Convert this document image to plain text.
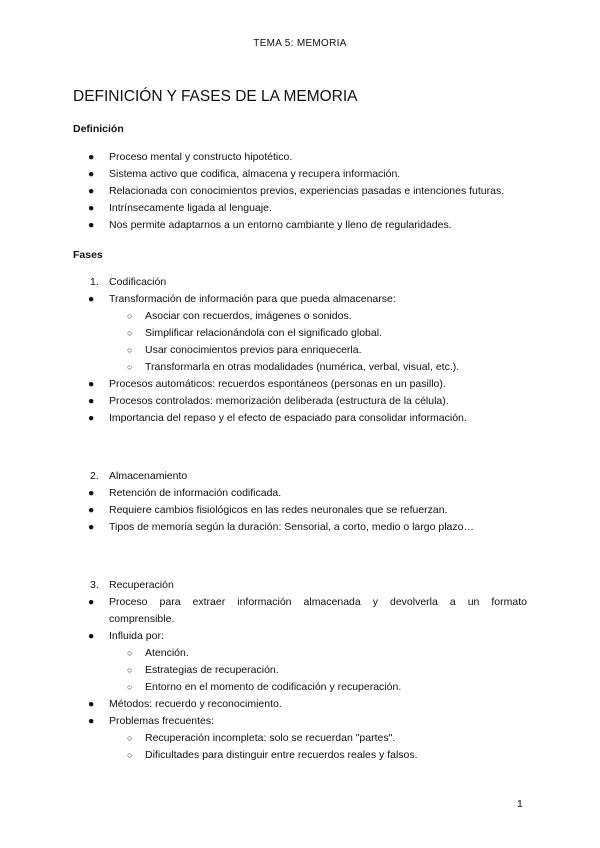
TEMA 5: MEMORIA
DEFINICIÓN Y FASES DE LA MEMORIA
Definición
● Proceso mental y constructo hipotético.
● Sistema activo que codifica, almacena y recupera información.
● Relacionada con conocimientos previos, experiencias pasadas e intenciones futuras.
● Intrínsecamente ligada al lenguaje.
● Nos permite adaptarnos a un entorno cambiante y lleno de regularidades.
Fases
1. Codificación
● Transformación de información para que pueda almacenarse:
○ Asociar con recuerdos, imágenes o sonidos.
○ Simplificar relacionándola con el significado global.
○ Usar conocimientos previos para enriquecerla.
○ Transformarla en otras modalidades (numérica, verbal, visual, etc.).
● Procesos automáticos: recuerdos espontáneos (personas en un pasillo).
● Procesos controlados: memorización deliberada (estructura de la célula).
● Importancia del repaso y el efecto de espaciado para consolidar información.
2. Almacenamiento
● Retención de información codificada.
● Requiere cambios fisiológicos en las redes neuronales que se refuerzan.
● Tipos de memoria según la duración: Sensorial, a corto, medio o largo plazo…
3. Recuperación
● Proceso para extraer información almacenada y devolverla a un formato
comprensible.
● Influida por:
○ Atención.
○ Estrategias de recuperación.
○ Entorno en el momento de codificación y recuperación.
● Métodos: recuerdo y reconocimiento.
● Problemas frecuentes:
○ Recuperación incompleta: solo se recuerdan "partes".
○ Dificultades para distinguir entre recuerdos reales y falsos.
1
